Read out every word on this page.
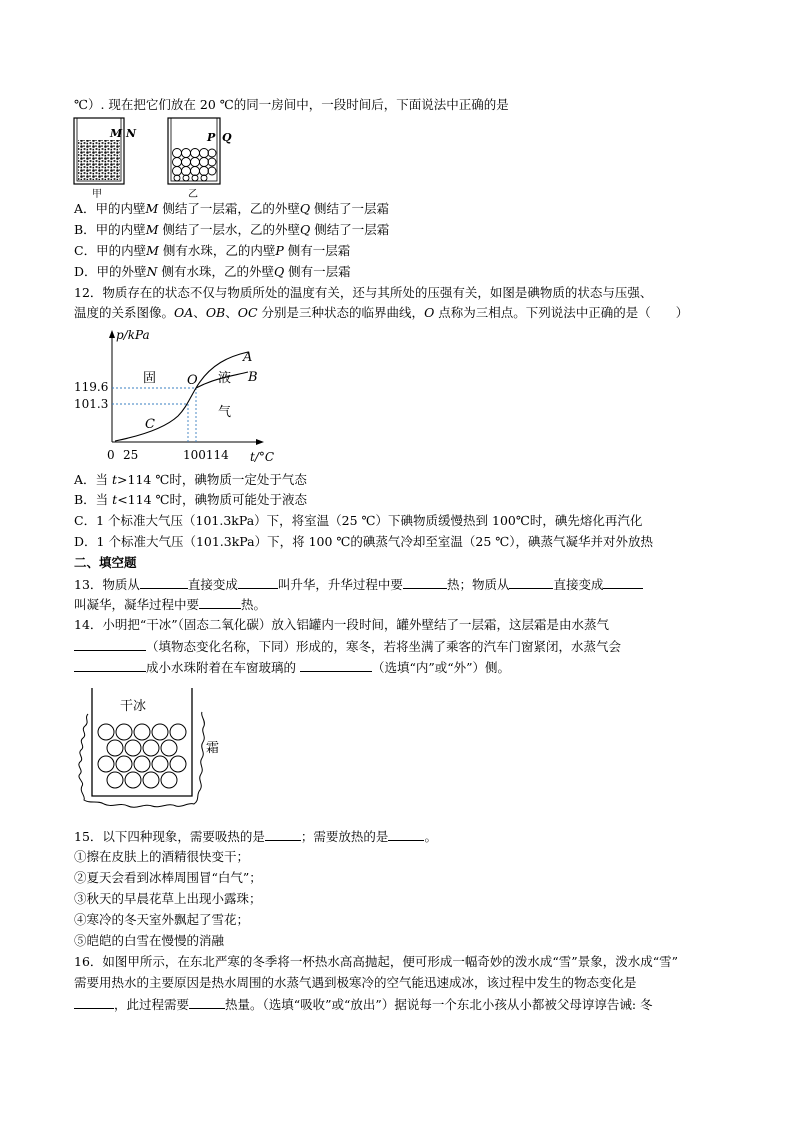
℃）. 现在把它们放在 20 ℃的同一房间中，一段时间后，下面说法中正确的是
M N
甲
P Q
乙
A．甲的内壁M 侧结了一层霜，乙的外壁Q 侧结了一层霜
B．甲的内壁M 侧结了一层水，乙的外壁Q 侧结了一层霜
C．甲的内壁M 侧有水珠，乙的内壁P 侧有一层霜
D．甲的外壁N 侧有水珠，乙的外壁Q 侧有一层霜
12．物质存在的状态不仅与物质所处的温度有关，还与其所处的压强有关，如图是碘物质的状态与压强、
温度的关系图像。OA、OB、OC 分别是三种状态的临界曲线，O 点称为三相点。下列说法中正确的是（　　）
p/kPa
t/°C
119.6
101.3
0 25	100114
固	液
气
A
B
C
O
A．当 t>114 ℃时，碘物质一定处于气态
B．当 t<114 ℃时，碘物质可能处于液态
C．1 个标准大气压（101.3kPa）下，将室温（25 ℃）下碘物质缓慢热到 100℃时，碘先熔化再汽化
D．1 个标准大气压（101.3kPa）下，将 100 ℃的碘蒸气冷却至室温（25 ℃），碘蒸气凝华并对外放热
二、填空题
13．物质从	直接变成	叫升华，升华过程中要	热；物质从	直接变成
叫凝华，凝华过程中要	热。
14．小明把“干冰”（固态二氧化碳）放入铝罐内一段时间，罐外壁结了一层霜，这层霜是由水蒸气
（填物态变化名称，下同）形成的，寒冬，若将坐满了乘客的汽车门窗紧闭，水蒸气会
成小水珠附着在车窗玻璃的	（选填“内”或“外”）侧。
干冰
霜
15．以下四种现象，需要吸热的是	；需要放热的是	。
①擦在皮肤上的酒精很快变干；
②夏天会看到冰棒周围冒“白气”；
③秋天的早晨花草上出现小露珠；
④寒冷的冬天室外飘起了雪花；
⑤皑皑的白雪在慢慢的消融
16．如图甲所示，在东北严寒的冬季将一杯热水高高抛起，便可形成一幅奇妙的泼水成“雪”景象，泼水成“雪”
需要用热水的主要原因是热水周围的水蒸气遇到极寒冷的空气能迅速成冰，该过程中发生的物态变化是
，此过程需要	热量。（选填“吸收”或“放出”）据说每一个东北小孩从小都被父母谆谆告诫: 冬
